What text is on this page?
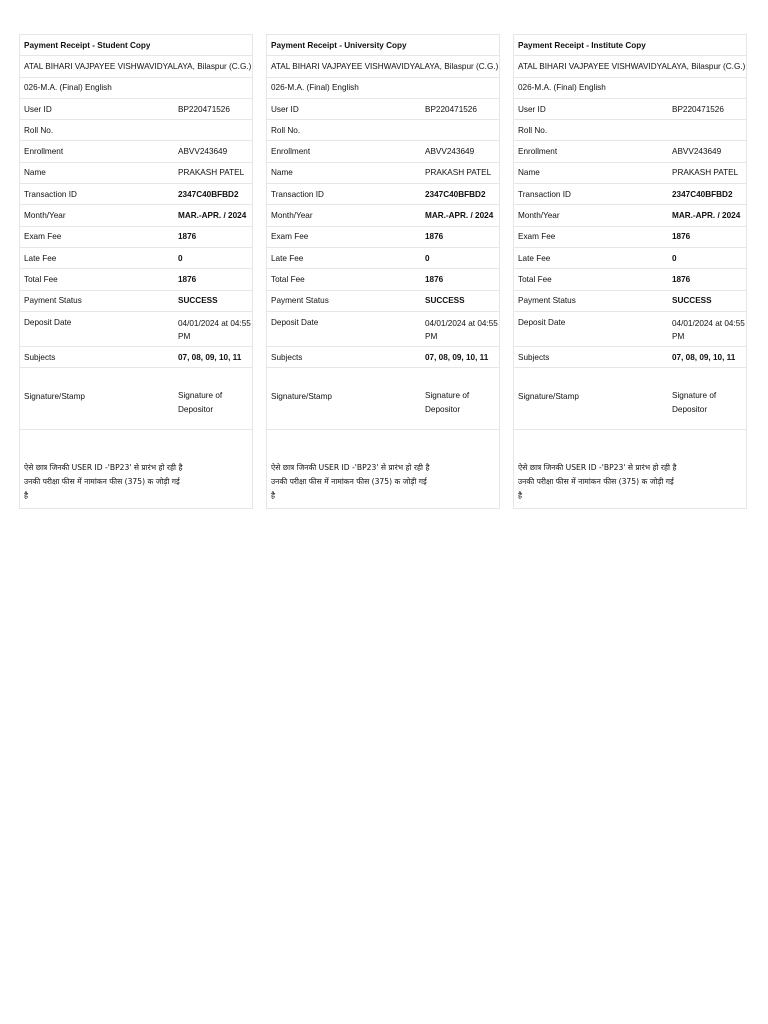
Payment Receipt - Student Copy
ATAL BIHARI VAJPAYEE VISHWAVIDYALAYA, Bilaspur (C.G.)
026-M.A. (Final) English
User ID	BP220471526
Roll No.
Enrollment	ABVV243649
Name	PRAKASH PATEL
Transaction ID	2347C40BFBD2
Month/Year	MAR.-APR. / 2024
Exam Fee	1876
Late Fee	0
Total Fee	1876
Payment Status	SUCCESS
Deposit Date	04/01/2024 at 04:55 PM
Subjects	07, 08, 09, 10, 11
Signature/Stamp	Signature of Depositor
ऐसे छात्र जिनकी USER ID -'BP23' से प्रारंभ हो रही है उनकी परीक्षा फीस में नामांकन फीस (375) क जोड़ी गई है
Payment Receipt - University Copy
ATAL BIHARI VAJPAYEE VISHWAVIDYALAYA, Bilaspur (C.G.)
026-M.A. (Final) English
User ID	BP220471526
Roll No.
Enrollment	ABVV243649
Name	PRAKASH PATEL
Transaction ID	2347C40BFBD2
Month/Year	MAR.-APR. / 2024
Exam Fee	1876
Late Fee	0
Total Fee	1876
Payment Status	SUCCESS
Deposit Date	04/01/2024 at 04:55 PM
Subjects	07, 08, 09, 10, 11
Signature/Stamp	Signature of Depositor
ऐसे छात्र जिनकी USER ID -'BP23' से प्रारंभ हो रही है उनकी परीक्षा फीस में नामांकन फीस (375) क जोड़ी गई है
Payment Receipt - Institute Copy
ATAL BIHARI VAJPAYEE VISHWAVIDYALAYA, Bilaspur (C.G.)
026-M.A. (Final) English
User ID	BP220471526
Roll No.
Enrollment	ABVV243649
Name	PRAKASH PATEL
Transaction ID	2347C40BFBD2
Month/Year	MAR.-APR. / 2024
Exam Fee	1876
Late Fee	0
Total Fee	1876
Payment Status	SUCCESS
Deposit Date	04/01/2024 at 04:55 PM
Subjects	07, 08, 09, 10, 11
Signature/Stamp	Signature of Depositor
ऐसे छात्र जिनकी USER ID -'BP23' से प्रारंभ हो रही है उनकी परीक्षा फीस में नामांकन फीस (375) क जोड़ी गई है
